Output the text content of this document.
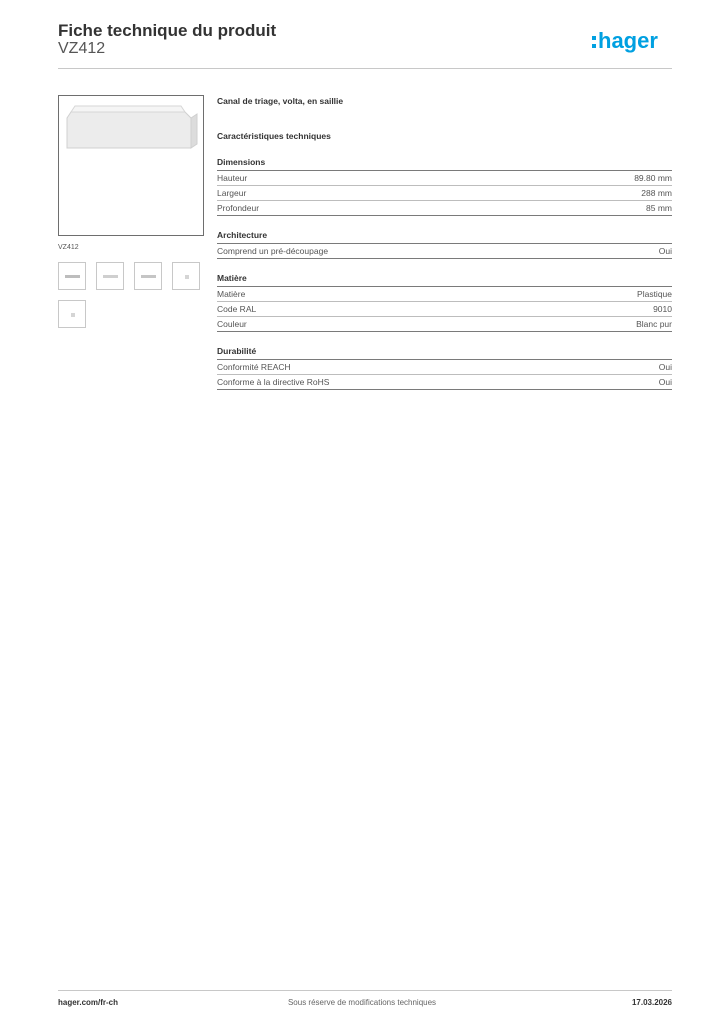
Fiche technique du produit
VZ412	hager
VZ412
Canal de triage, volta, en saillie
Caractéristiques techniques
Dimensions
Hauteur	89.80 mm
Largeur	288 mm
Profondeur	85 mm
Architecture
Comprend un pré-découpage	Oui
Matière
Matière	Plastique
Code RAL	9010
Couleur	Blanc pur
Durabilité
Conformité REACH	Oui
Conforme à la directive RoHS	Oui
hager.com/fr-ch	Sous réserve de modifications techniques	17.03.2026
